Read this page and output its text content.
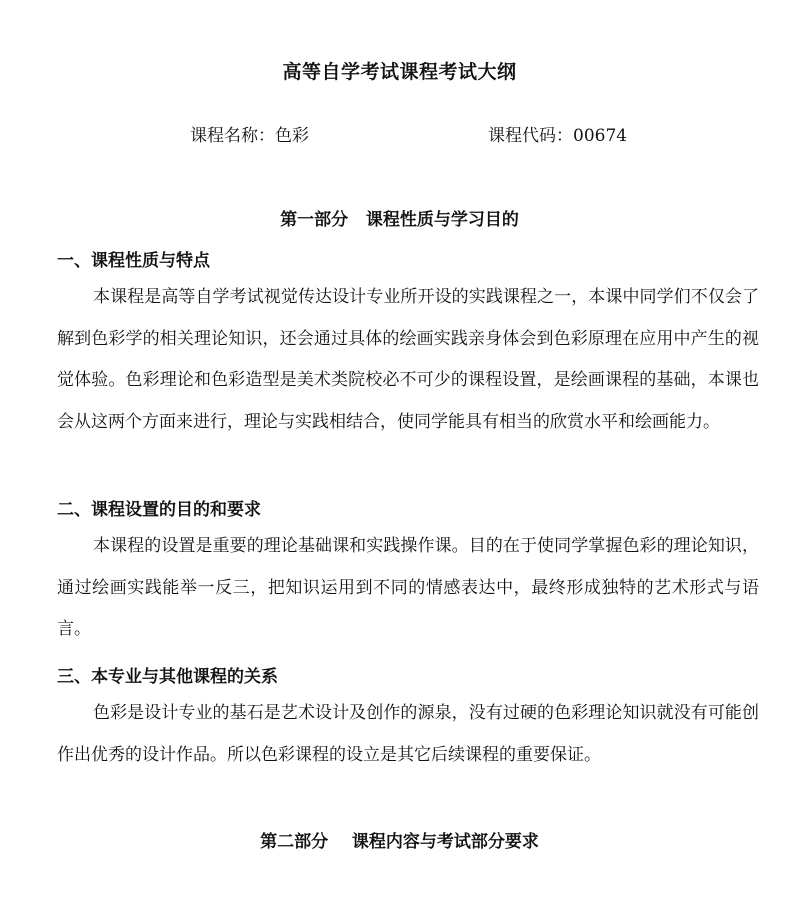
高等自学考试课程考试大纲
课程名称：色彩	课程代码：00674
第一部分   课程性质与学习目的
一、课程性质与特点

本课程是高等自学考试视觉传达设计专业所开设的实践课程之一，本课中同学们不仅会了解到色彩学的相关理论知识，还会通过具体的绘画实践亲身体会到色彩原理在应用中产生的视觉体验。色彩理论和色彩造型是美术类院校必不可少的课程设置，是绘画课程的基础，本课也会从这两个方面来进行，理论与实践相结合，使同学能具有相当的欣赏水平和绘画能力。

二、课程设置的目的和要求

本课程的设置是重要的理论基础课和实践操作课。目的在于使同学掌握色彩的理论知识，通过绘画实践能举一反三，把知识运用到不同的情感表达中，最终形成独特的艺术形式与语言。

三、本专业与其他课程的关系

色彩是设计专业的基石是艺术设计及创作的源泉，没有过硬的色彩理论知识就没有可能创作出优秀的设计作品。所以色彩课程的设立是其它后续课程的重要保证。

第二部分    课程内容与考试部分要求
